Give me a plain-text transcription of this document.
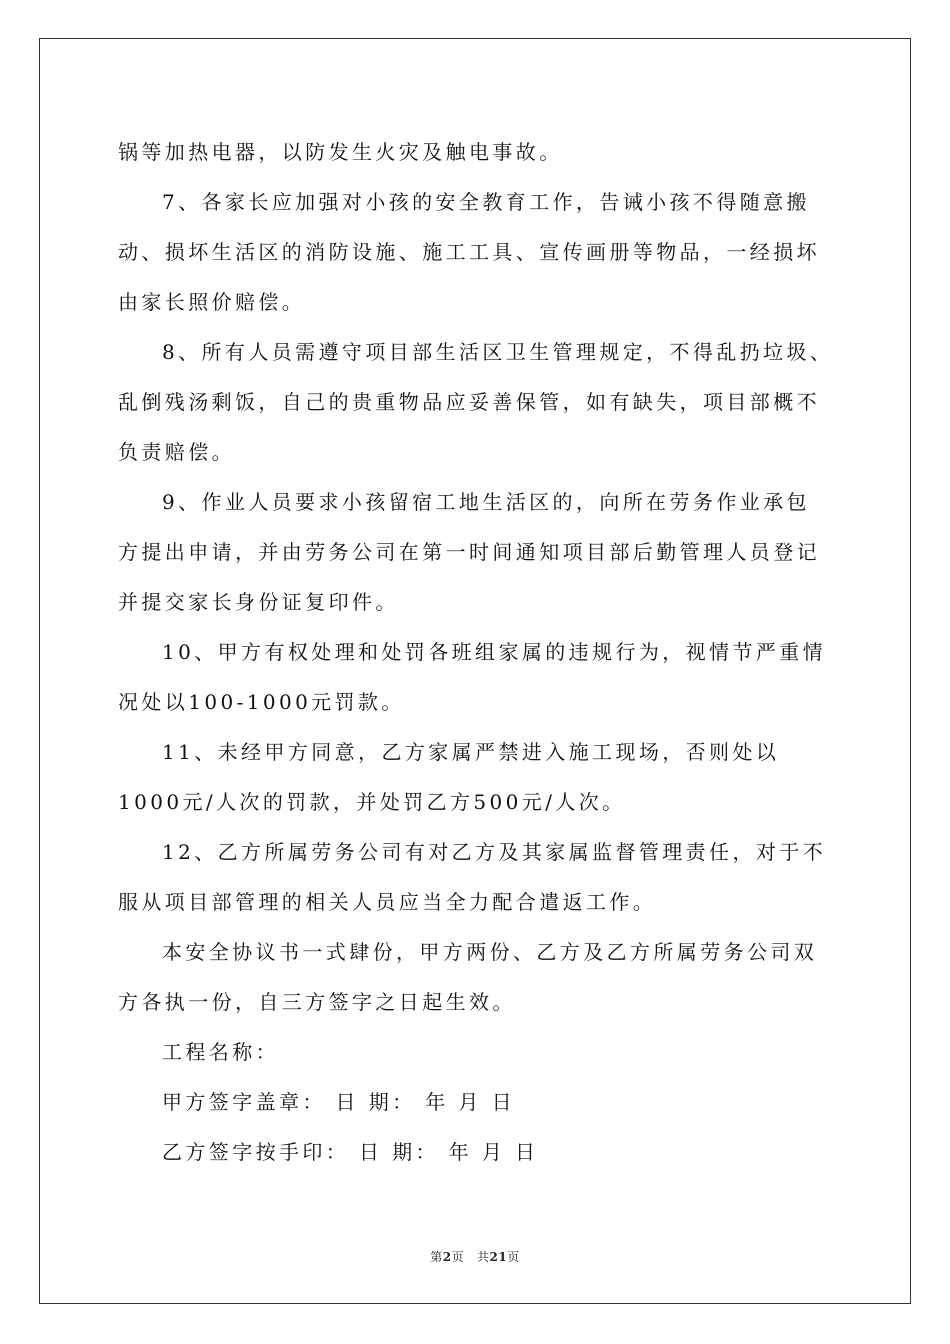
锅等加热电器，以防发生火灾及触电事故。
7、各家长应加强对小孩的安全教育工作，告诫小孩不得随意搬
动、损坏生活区的消防设施、施工工具、宣传画册等物品，一经损坏
由家长照价赔偿。
8、所有人员需遵守项目部生活区卫生管理规定，不得乱扔垃圾、
乱倒残汤剩饭，自己的贵重物品应妥善保管，如有缺失，项目部概不
负责赔偿。
9、作业人员要求小孩留宿工地生活区的，向所在劳务作业承包
方提出申请，并由劳务公司在第一时间通知项目部后勤管理人员登记
并提交家长身份证复印件。
10、甲方有权处理和处罚各班组家属的违规行为，视情节严重情
况处以100-1000元罚款。
11、未经甲方同意，乙方家属严禁进入施工现场，否则处以
1000元/人次的罚款，并处罚乙方500元/人次。
12、乙方所属劳务公司有对乙方及其家属监督管理责任，对于不
服从项目部管理的相关人员应当全力配合遣返工作。
本安全协议书一式肆份，甲方两份、乙方及乙方所属劳务公司双
方各执一份，自三方签字之日起生效。
工程名称：
甲方签字盖章： 日 期： 年 月 日
乙方签字按手印： 日 期： 年 月 日
第2页   共21页
